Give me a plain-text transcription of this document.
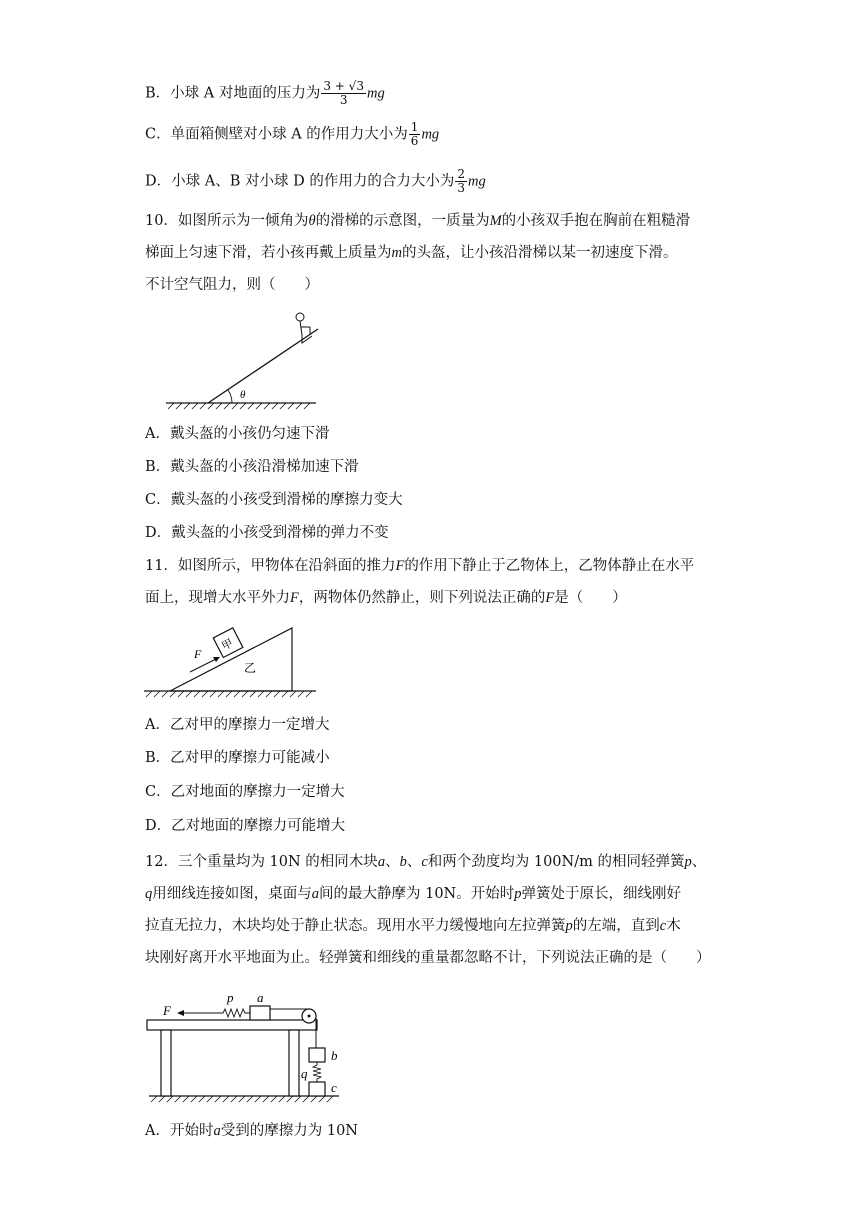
B．小球 A 对地面的压力为 $\frac{3 + √3}{3}$ mg
C．单面箱侧壁对小球 A 的作用力大小为 $\frac{1}{6}$ mg
D．小球 A、B 对小球 D 的作用力的合力大小为 $\frac{2}{3}$ mg
10．如图所示为一倾角为θ的滑梯的示意图，一质量为M的小孩双手抱在胸前在粗糙滑
梯面上匀速下滑，若小孩再戴上质量为m的头盔，让小孩沿滑梯以某一初速度下滑。
不计空气阻力，则（　　）
θ
A．戴头盔的小孩仍匀速下滑
B．戴头盔的小孩沿滑梯加速下滑
C．戴头盔的小孩受到滑梯的摩擦力变大
D．戴头盔的小孩受到滑梯的弹力不变
11．如图所示，甲物体在沿斜面的推力F的作用下静止于乙物体上，乙物体静止在水平
面上，现增大水平外力F，两物体仍然静止，则下列说法正确的F是（　　）
乙
甲
F
A．乙对甲的摩擦力一定增大
B．乙对甲的摩擦力可能减小
C．乙对地面的摩擦力一定增大
D．乙对地面的摩擦力可能增大
12．三个重量均为 10N 的相同木块a、b、c和两个劲度均为 100N/m 的相同轻弹簧p、
q用细线连接如图，桌面与a间的最大静摩为 10N。开始时p弹簧处于原长，细线刚好
拉直无拉力，木块均处于静止状态。现用水平力缓慢地向左拉弹簧p的左端，直到c木
块刚好离开水平地面为止。轻弹簧和细线的重量都忽略不计，下列说法正确的是（　　）
a
p
F
b
q
c
A．开始时a受到的摩擦力为 10N
